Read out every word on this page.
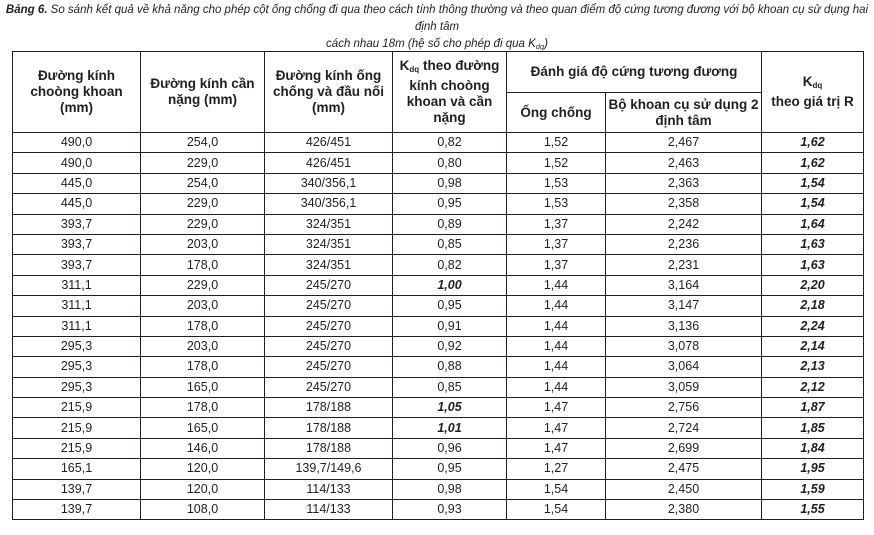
Bảng 6. So sánh kết quả về khả năng cho phép cột ống chống đi qua theo cách tính thông thường và theo quan điểm độ cứng tương đương với bộ khoan cụ sử dụng hai định tâm
cách nhau 18m (hệ số cho phép đi qua $K_{dq}$)
Đường kính choòng khoan (mm)	Đường kính cần nặng (mm)	Đường kính ống chống và đầu nối (mm)	Kdq theo đường kính choòng khoan và cần nặng	Đánh giá độ cứng tương đương		Kdq
theo giá trị R
				Ống chống	Bộ khoan cụ sử dụng 2 định tâm	
490,0	254,0	426/451	0,82	1,52	2,467	1,62
490,0	229,0	426/451	0,80	1,52	2,463	1,62
445,0	254,0	340/356,1	0,98	1,53	2,363	1,54
445,0	229,0	340/356,1	0,95	1,53	2,358	1,54
393,7	229,0	324/351	0,89	1,37	2,242	1,64
393,7	203,0	324/351	0,85	1,37	2,236	1,63
393,7	178,0	324/351	0,82	1,37	2,231	1,63
311,1	229,0	245/270	1,00	1,44	3,164	2,20
311,1	203,0	245/270	0,95	1,44	3,147	2,18
311,1	178,0	245/270	0,91	1,44	3,136	2,24
295,3	203,0	245/270	0,92	1,44	3,078	2,14
295,3	178,0	245/270	0,88	1,44	3,064	2,13
295,3	165,0	245/270	0,85	1,44	3,059	2,12
215,9	178,0	178/188	1,05	1,47	2,756	1,87
215,9	165,0	178/188	1,01	1,47	2,724	1,85
215,9	146,0	178/188	0,96	1,47	2,699	1,84
165,1	120,0	139,7/149,6	0,95	1,27	2,475	1,95
139,7	120,0	114/133	0,98	1,54	2,450	1,59
139,7	108,0	114/133	0,93	1,54	2,380	1,55
